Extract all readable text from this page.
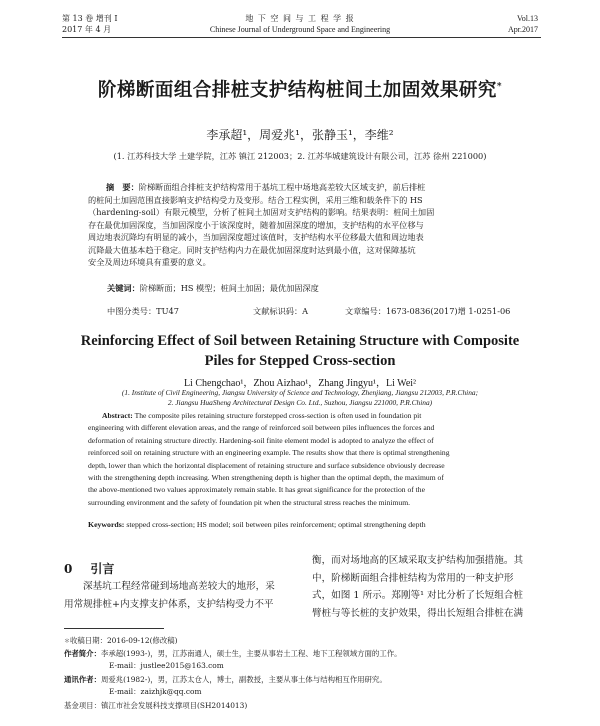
第 13 卷 增刊 I
2017 年 4 月
地 下 空 间 与 工 程 学 报
Chinese Journal of Underground Space and Engineering
Vol.13
Apr.2017
阶梯断面组合排桩支护结构桩间土加固效果研究*
李承超¹，周爱兆¹，张静玉¹，李维²
(1. 江苏科技大学 土建学院，江苏 镇江 212003；2. 江苏华城建筑设计有限公司，江苏 徐州 221000)
摘　要：阶梯断面组合排桩支护结构常用于基坑工程中场地高差较大区域支护，前后排桩
的桩间土加固范围直接影响支护结构受力及变形。结合工程实例，采用三维和载条件下的 HS
（hardening-soil）有限元模型，分析了桩间土加固对支护结构的影响。结果表明：桩间土加固
存在最优加固深度，当加固深度小于该深度时，随着加固深度的增加，支护结构的水平位移与
周边地表沉降均有明显的减小，当加固深度超过该值时，支护结构水平位移最大值和周边地表
沉降最大值基本趋于稳定。同时支护结构内力在最优加固深度时达到最小值，这对保障基坑
安全及周边环境具有重要的意义。
关键词：阶梯断面；HS 模型；桩间土加固；最优加固深度
中图分类号：TU47	文献标识码：A	文章编号：1673-0836(2017)增 1-0251-06
Reinforcing Effect of Soil between Retaining Structure with Composite
Piles for Stepped Cross-section
Li Chengchao¹，Zhou Aizhao¹，Zhang Jingyu¹，Li Wei²
(1. Institute of Civil Engineering, Jiangsu University of Science and Technology, Zhenjiang, Jiangsu 212003, P.R.China;
2. Jiangsu HuaSheng Architectural Design Co. Ltd., Suzhou, Jiangsu 221000, P.R.China)
Abstract: The composite piles retaining structure forstepped cross-section is often used in foundation pit
engineering with different elevation areas, and the range of reinforced soil between piles influences the forces and
deformation of retaining structure directly. Hardening-soil finite element model is adopted to analyze the effect of
reinforced soil on retaining structure with an engineering example. The results show that there is optimal strengthening
depth, lower than which the horizontal displacement of retaining structure and surface subsidence obviously decrease
with the strengthening depth increasing. When strengthening depth is higher than the optimal depth, the maximum of
the above-mentioned two values approximately remain stable. It has great significance for the protection of the
surrounding environment and the safety of foundation pit when the structural stress reaches the minimum.
Keywords: stepped cross-section; HS model; soil between piles reinforcement; optimal strengthening depth
0 引言
深基坑工程经常碰到场地高差较大的地形，采
用常规排桩+内支撑支护体系，支护结构受力不平
衡，而对场地高的区域采取支护结构加强措施。其
中，阶梯断面组合排桩结构为常用的一种支护形
式，如图 1 所示。郑刚等¹ 对比分析了长短组合桩
臂桩与等长桩的支护效果，得出长短组合排桩在满
＊收稿日期：2016-09-12(修改稿)
作者简介：李承超(1993-)，男，江苏南通人，硕士生，主要从事岩土工程、地下工程领域方面的工作。
E-mail：justlee2015@163.com
通讯作者：周爱兆(1982-)，男，江苏太仓人，博士，副教授，主要从事土体与结构相互作用研究。
E-mail：zaizhjk@qq.com
基金项目：镇江市社会发展科技支撑项目(SH2014013)
